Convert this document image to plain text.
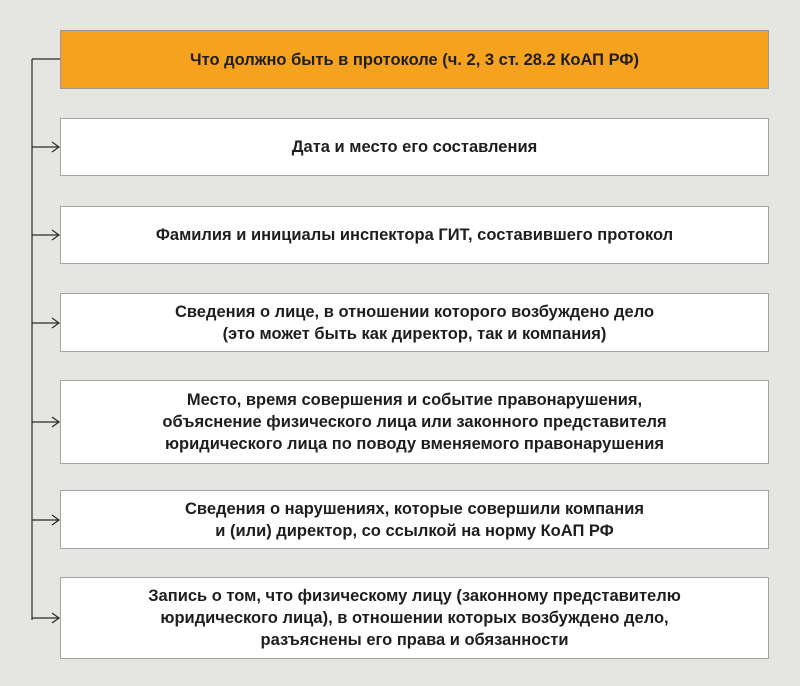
Что должно быть в протоколе (ч. 2, 3 ст. 28.2 КоАП РФ)
Дата и место его составления
Фамилия и инициалы инспектора ГИТ, составившего протокол
Сведения о лице, в отношении которого возбуждено дело
(это может быть как директор, так и компания)
Место, время совершения и событие правонарушения,
объяснение физического лица или законного представителя
юридического лица по поводу вменяемого правонарушения
Сведения о нарушениях, которые совершили компания
и (или) директор, со ссылкой на норму КоАП РФ
Запись о том, что физическому лицу (законному представителю
юридического лица), в отношении которых возбуждено дело,
разъяснены его права и обязанности
